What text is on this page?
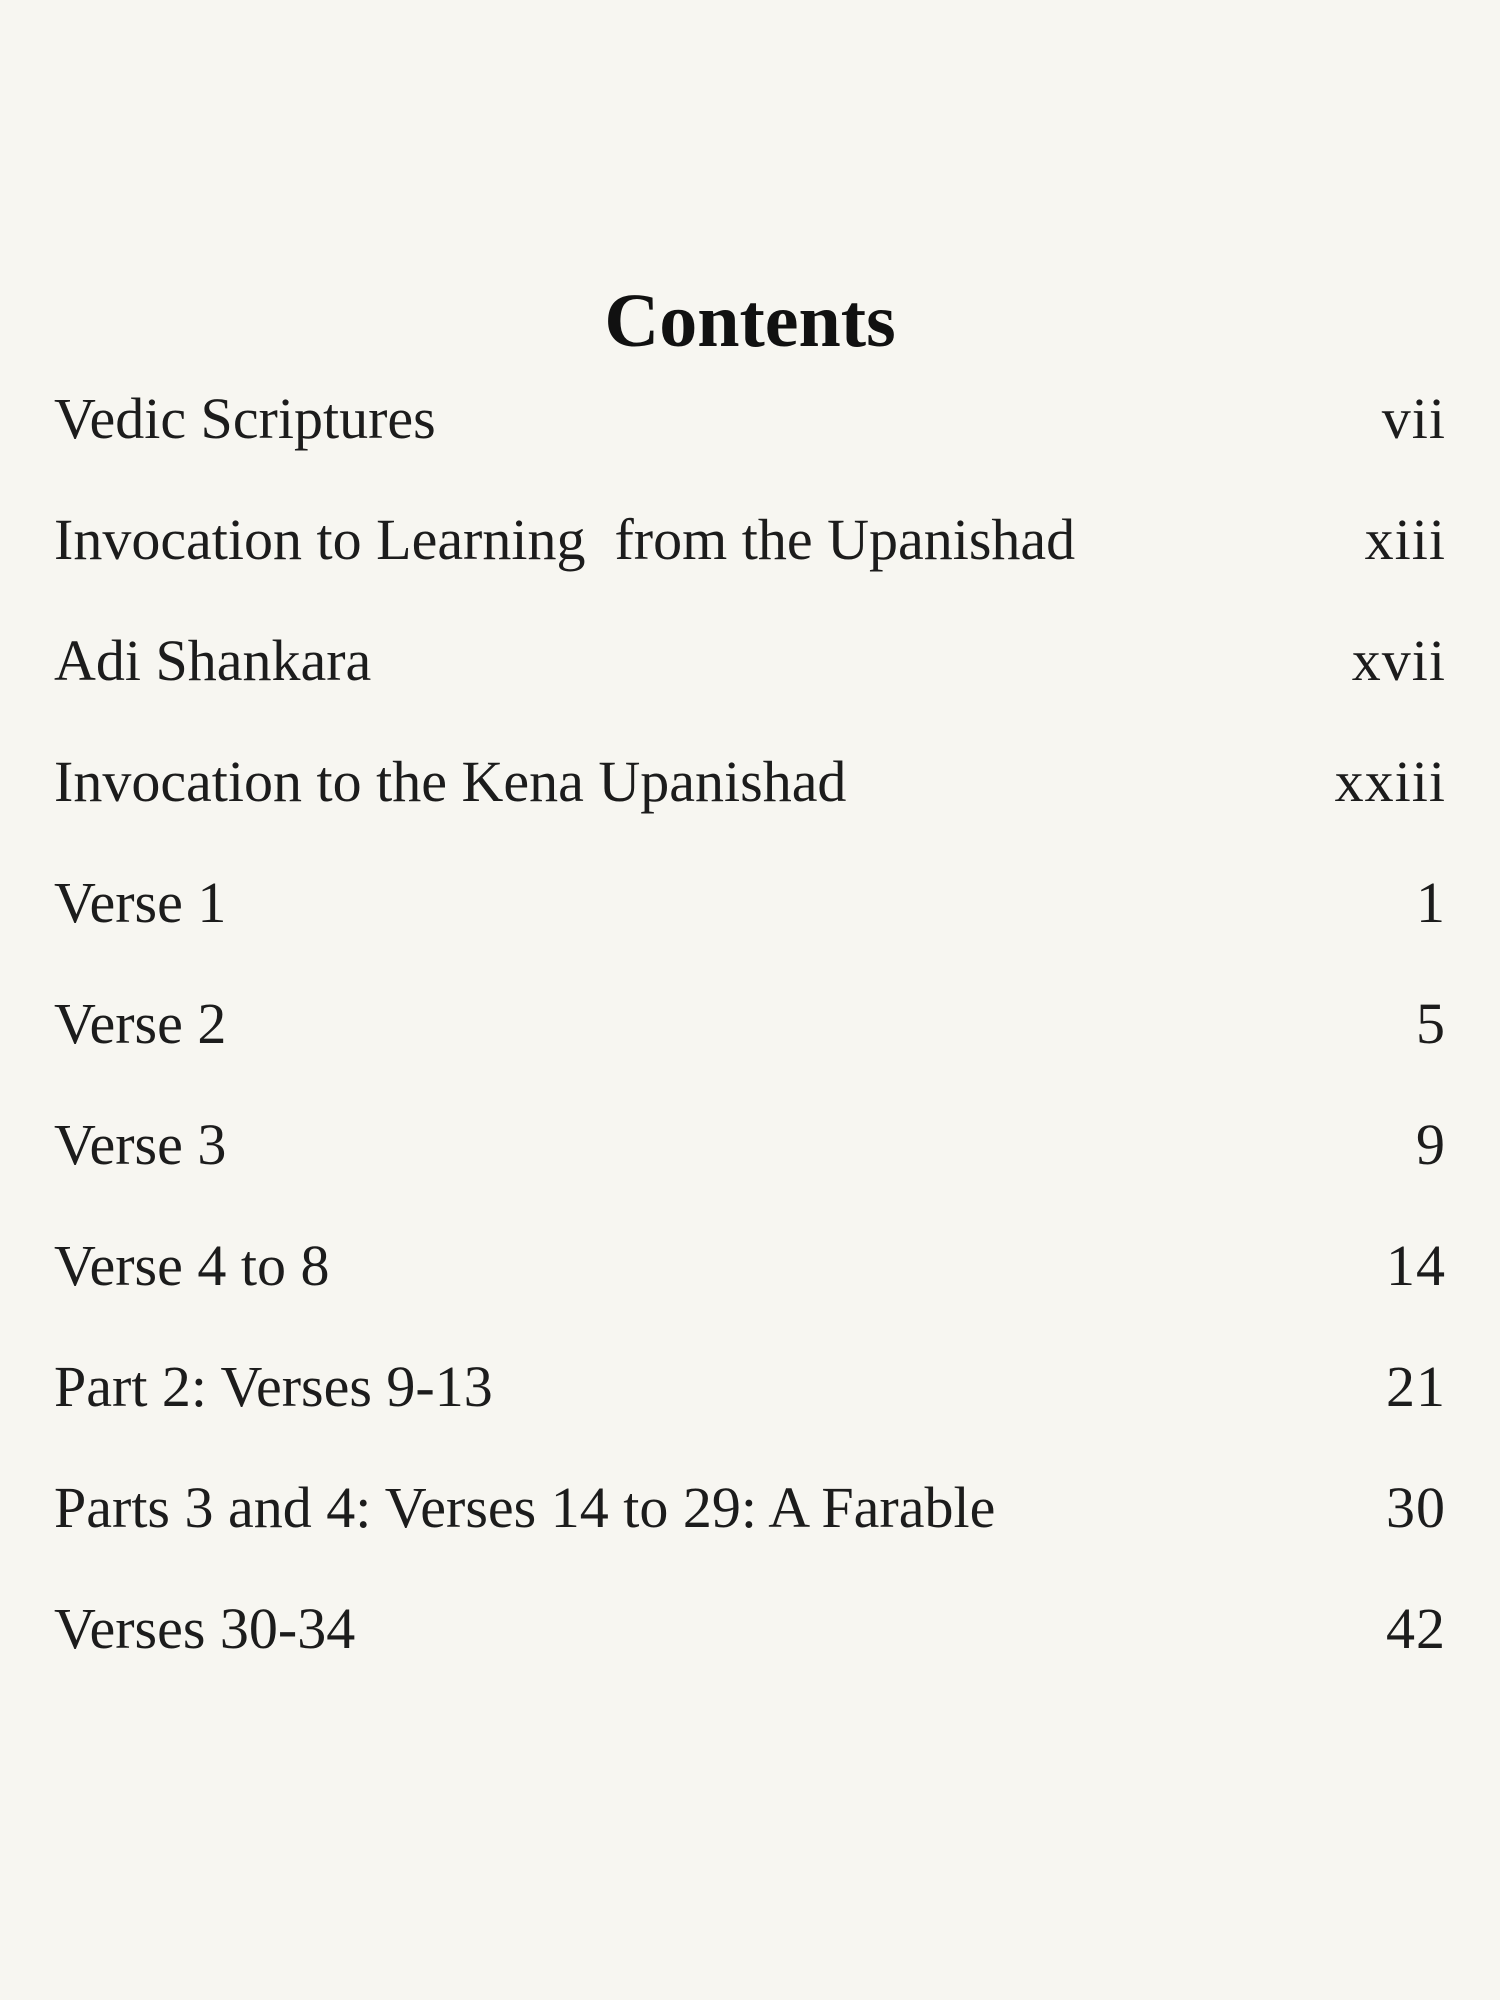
Contents
Vedic Scriptures	vii
Invocation to Learning  from the Upanishad	xiii
Adi Shankara	xvii
Invocation to the Kena Upanishad	xxiii
Verse 1	1
Verse 2	5
Verse 3	9
Verse 4 to 8	14
Part 2: Verses 9-13	21
Parts 3 and 4: Verses 14 to 29: A Farable	30
Verses 30-34	42
